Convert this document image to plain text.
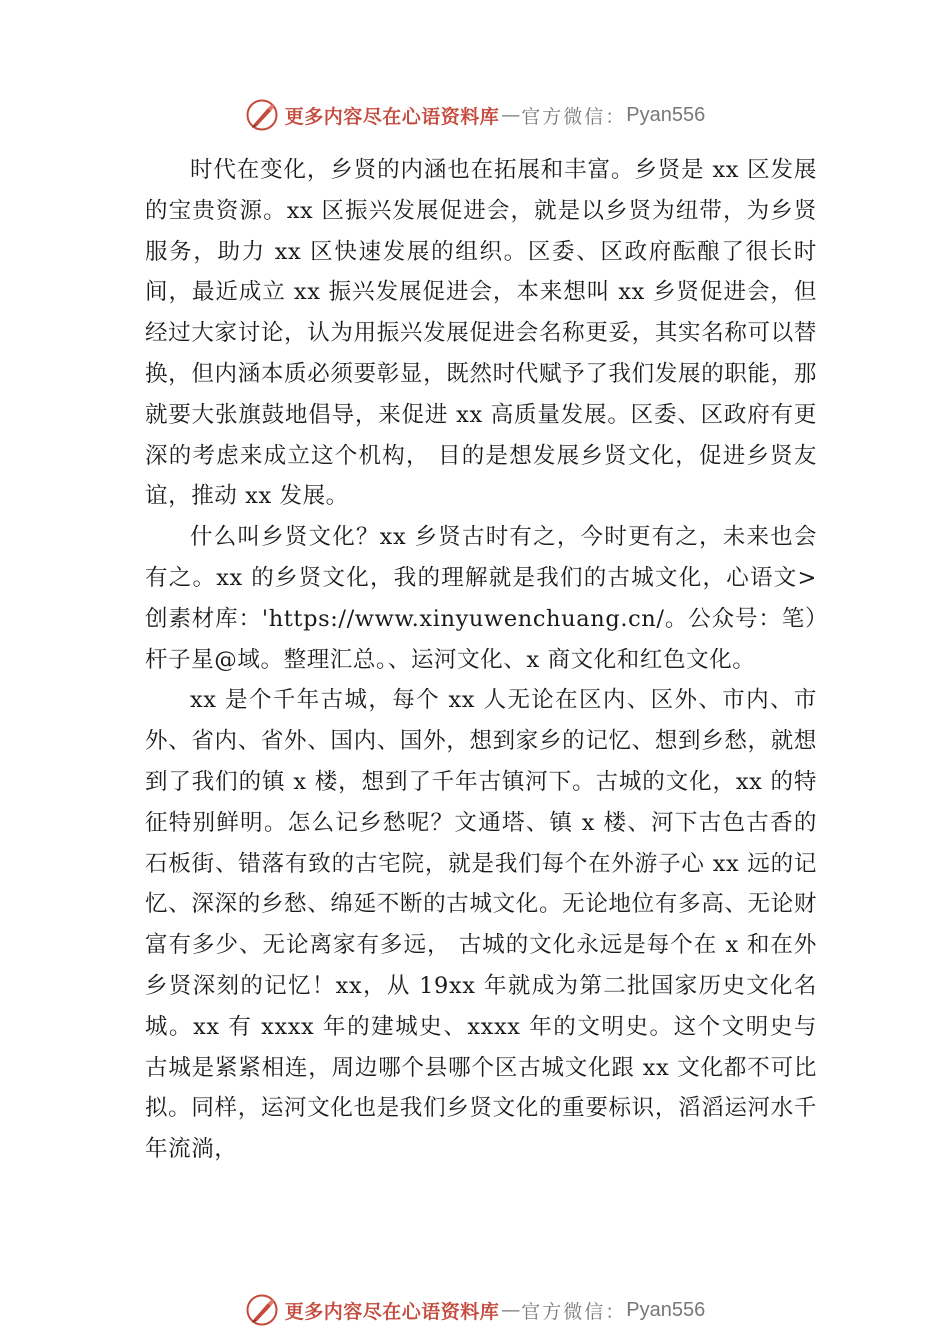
更多内容尽在心语资料库 — 官方微信： Pyan556

时代在变化，乡贤的内涵也在拓展和丰富。乡贤是 xx 区发展的宝贵资源。xx 区振兴发展促进会，就是以乡贤为纽带，为乡贤服务，助力 xx 区快速发展的组织。区委、区政府酝酿了很长时间，最近成立 xx 振兴发展促进会，本来想叫 xx 乡贤促进会，但经过大家讨论，认为用振兴发展促进会名称更妥，其实名称可以替换，但内涵本质必须要彰显，既然时代赋予了我们发展的职能，那就要大张旗鼓地倡导，来促进 xx 高质量发展。区委、区政府有更深的考虑来成立这个机构， 目的是想发展乡贤文化，促进乡贤友谊，推动 xx 发展。

什么叫乡贤文化？xx 乡贤古时有之，今时更有之，未来也会有之。xx 的乡贤文化，我的理解就是我们的古城文化，心语文>创素材库：'https://www.xinyuwenchuang.cn/。公众号：笔）杆子星@域。整理汇总。、运河文化、x 商文化和红色文化。

xx 是个千年古城，每个 xx 人无论在区内、区外、市内、市外、省内、省外、国内、国外，想到家乡的记忆、想到乡愁，就想到了我们的镇 x 楼，想到了千年古镇河下。古城的文化，xx 的特征特别鲜明。怎么记乡愁呢？文通塔、镇 x 楼、河下古色古香的石板街、错落有致的古宅院，就是我们每个在外游子心 xx 远的记忆、深深的乡愁、绵延不断的古城文化。无论地位有多高、无论财富有多少、无论离家有多远， 古城的文化永远是每个在 x 和在外乡贤深刻的记忆！xx，从 19xx 年就成为第二批国家历史文化名城。xx 有 xxxx 年的建城史、xxxx 年的文明史。这个文明史与古城是紧紧相连，周边哪个县哪个区古城文化跟 xx 文化都不可比拟。同样，运河文化也是我们乡贤文化的重要标识，滔滔运河水千年流淌，

更多内容尽在心语资料库 — 官方微信： Pyan556
